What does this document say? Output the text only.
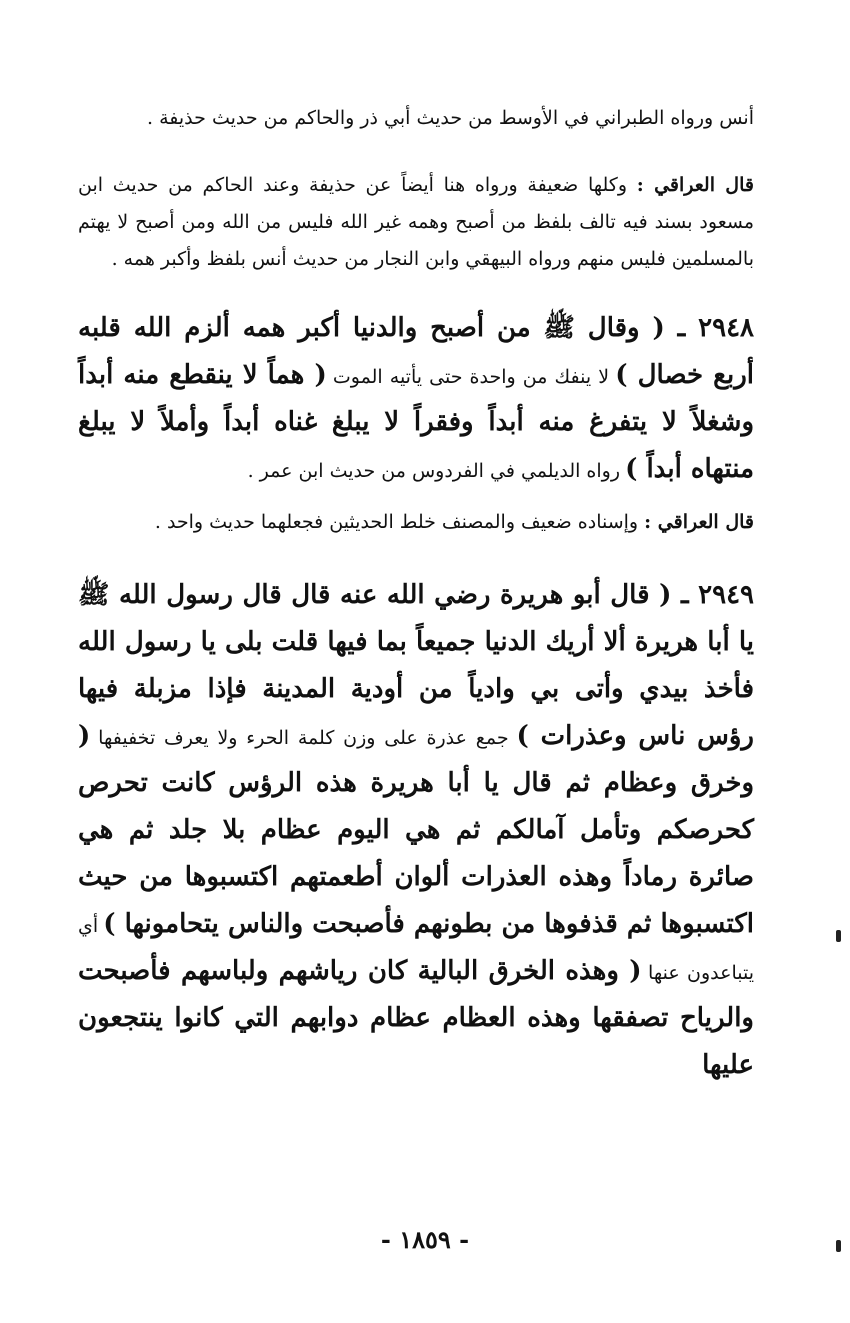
أنس ورواه الطبراني في الأوسط من حديث أبي ذر والحاكم من حديث حذيفة .

قال العراقي : وكلها ضعيفة ورواه هنا أيضاً عن حذيفة وعند الحاكم من حديث ابن مسعود بسند فيه تالف بلفظ من أصبح وهمه غير الله فليس من الله ومن أصبح لا يهتم بالمسلمين فليس منهم ورواه البيهقي وابن النجار من حديث أنس بلفظ وأكبر همه .

٢٩٤٨ ـ ( وقال ﷺ من أصبح والدنيا أكبر همه ألزم الله قلبه أربع خصال ) لا ينفك من واحدة حتى يأتيه الموت ( هماً لا ينقطع منه أبداً وشغلاً لا يتفرغ منه أبداً وفقراً لا يبلغ غناه أبداً وأملاً لا يبلغ منتهاه أبداً ) رواه الديلمي في الفردوس من حديث ابن عمر .

قال العراقي : وإسناده ضعيف والمصنف خلط الحديثين فجعلهما حديث واحد .

٢٩٤٩ ـ ( قال أبو هريرة رضي الله عنه قال قال رسول الله ﷺ يا أبا هريرة ألا أريك الدنيا جميعاً بما فيها قلت بلى يا رسول الله فأخذ بيدي وأتى بي وادياً من أودية المدينة فإذا مزبلة فيها رؤس ناس وعذرات ) جمع عذرة على وزن كلمة الحرء ولا يعرف تخفيفها ( وخرق وعظام ثم قال يا أبا هريرة هذه الرؤس كانت تحرص كحرصكم وتأمل آمالكم ثم هي اليوم عظام بلا جلد ثم هي صائرة رماداً وهذه العذرات ألوان أطعمتهم اكتسبوها من حيث اكتسبوها ثم قذفوها من بطونهم فأصبحت والناس يتحامونها ) أي يتباعدون عنها ( وهذه الخرق البالية كان رياشهم ولباسهم فأصبحت والرياح تصفقها وهذه العظام عظام دوابهم التي كانوا ينتجعون عليها

- ١٨٥٩ -
